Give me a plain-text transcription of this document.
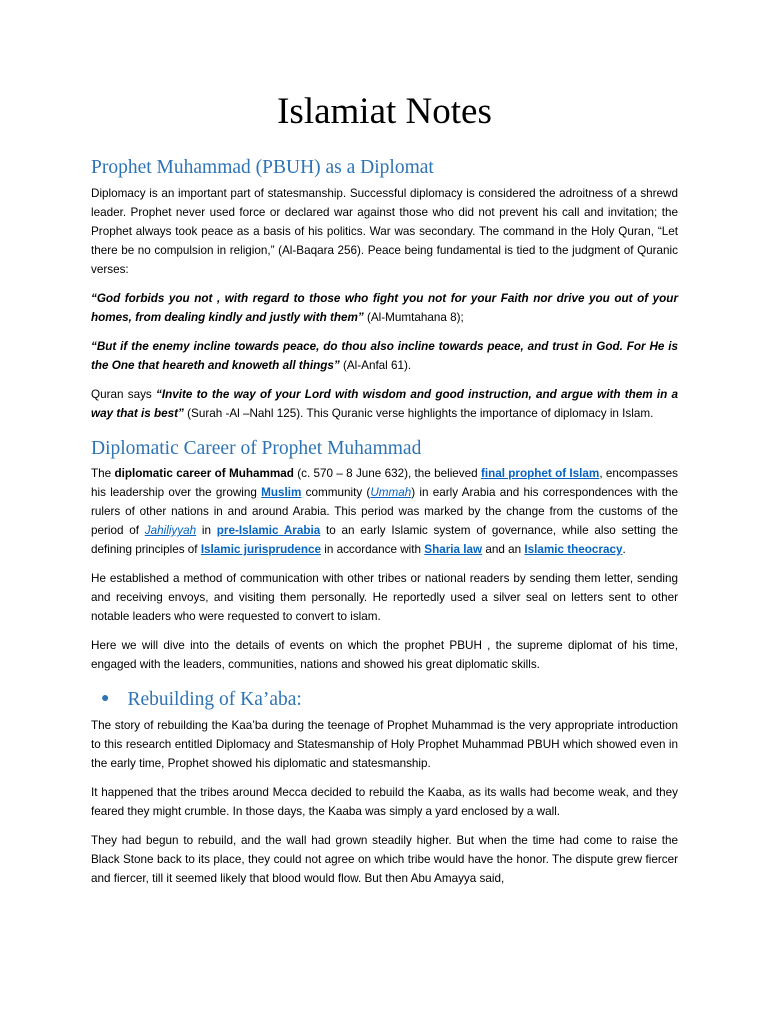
Islamiat Notes
Prophet Muhammad (PBUH) as a Diplomat

Diplomacy is an important part of statesmanship. Successful diplomacy is considered the adroitness of a shrewd leader. Prophet never used force or declared war against those who did not prevent his call and invitation; the Prophet always took peace as a basis of his politics. War was secondary. The command in the Holy Quran, “Let there be no compulsion in religion,” (Al-Baqara 256). Peace being fundamental is tied to the judgment of Quranic verses:

“God forbids you not , with regard to those who fight you not for your Faith nor drive you out of your homes, from dealing kindly and justly with them” (Al-Mumtahana 8);

“But if the enemy incline towards peace, do thou also incline towards peace, and trust in God. For He is the One that heareth and knoweth all things” (Al-Anfal 61).

Quran says “Invite to the way of your Lord with wisdom and good instruction, and argue with them in a way that is best” (Surah -Al –Nahl 125). This Quranic verse highlights the importance of diplomacy in Islam.

Diplomatic Career of Prophet Muhammad

The diplomatic career of Muhammad (c. 570 – 8 June 632), the believed final prophet of Islam, encompasses his leadership over the growing Muslim community (Ummah) in early Arabia and his correspondences with the rulers of other nations in and around Arabia. This period was marked by the change from the customs of the period of Jahiliyyah in pre-Islamic Arabia to an early Islamic system of governance, while also setting the defining principles of Islamic jurisprudence in accordance with Sharia law and an Islamic theocracy.

He established a method of communication with other tribes or national readers by sending them letter, sending and receiving envoys, and visiting them personally. He reportedly used a silver seal on letters sent to other notable leaders who were requested to convert to islam.

Here we will dive into the details of events on which the prophet PBUH , the supreme diplomat of his time, engaged with the leaders, communities, nations and showed his great diplomatic skills.

● Rebuilding of Ka’aba:

The story of rebuilding the Kaa’ba during the teenage of Prophet Muhammad is the very appropriate introduction to this research entitled Diplomacy and Statesmanship of Holy Prophet Muhammad PBUH which showed even in the early time, Prophet showed his diplomatic and statesmanship.

It happened that the tribes around Mecca decided to rebuild the Kaaba, as its walls had become weak, and they feared they might crumble. In those days, the Kaaba was simply a yard enclosed by a wall.

They had begun to rebuild, and the wall had grown steadily higher. But when the time had come to raise the Black Stone back to its place, they could not agree on which tribe would have the honor. The dispute grew fiercer and fiercer, till it seemed likely that blood would flow. But then Abu Amayya said,
